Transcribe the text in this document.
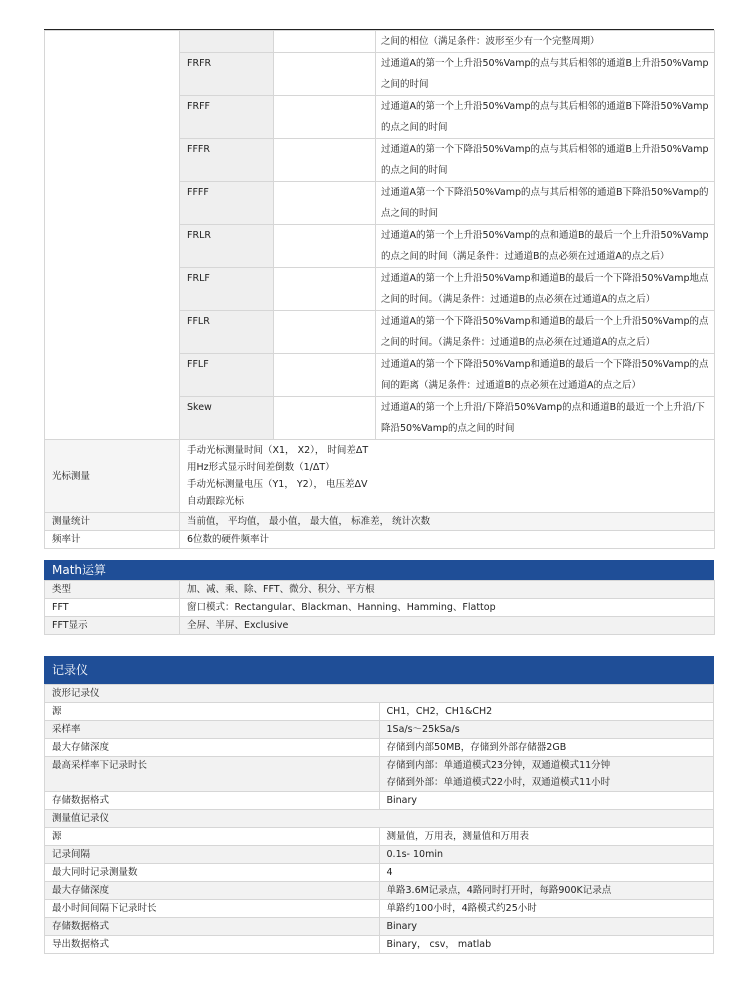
			之间的相位（满足条件：波形至少有一个完整周期）

	FRFR		过通道A的第一个上升沿50%Vamp的点与其后相邻的通道B上升沿50%Vamp
之间的时间

	FRFF		过通道A的第一个上升沿50%Vamp的点与其后相邻的通道B下降沿50%Vamp
的点之间的时间

	FFFR		过通道A的第一个下降沿50%Vamp的点与其后相邻的通道B上升沿50%Vamp
的点之间的时间

	FFFF		过通道A第一个下降沿50%Vamp的点与其后相邻的通道B下降沿50%Vamp的
点之间的时间

	FRLR		过通道A的第一个上升沿50%Vamp的点和通道B的最后一个上升沿50%Vamp
的点之间的时间（满足条件：过通道B的点必须在过通道A的点之后）

	FRLF		过通道A的第一个上升沿50%Vamp和通道B的最后一个下降沿50%Vamp地点
之间的时间。（满足条件：过通道B的点必须在过通道A的点之后）

	FFLR		过通道A的第一个下降沿50%Vamp和通道B的最后一个上升沿50%Vamp的点
之间的时间。（满足条件：过通道B的点必须在过通道A的点之后）

	FFLF		过通道A的第一个下降沿50%Vamp和通道B的最后一个下降沿50%Vamp的点
间的距离（满足条件：过通道B的点必须在过通道A的点之后）

	Skew		过通道A的第一个上升沿/下降沿50%Vamp的点和通道B的最近一个上升沿/下
降沿50%Vamp的点之间的时间

光标测量	手动光标测量时间（X1， X2）， 时间差ΔT
用Hz形式显示时间差倒数（1/ΔT）
手动光标测量电压（Y1， Y2）， 电压差ΔV
自动跟踪光标		

测量统计	当前值， 平均值， 最小值， 最大值， 标准差， 统计次数		
频率计	6位数的硬件频率计		
Math运算
类型	加、减、乘、除、FFT、微分、积分、平方根
FFT	窗口模式：Rectangular、Blackman、Hanning、Hamming、Flattop
FFT显示	全屏、半屏、Exclusive
记录仪
波形记录仪	
源	CH1，CH2，CH1&CH2
采样率	1Sa/s～25kSa/s
最大存储深度	存储到内部50MB，存储到外部存储器2GB
最高采样率下记录时长	存储到内部：单通道模式23分钟，双通道模式11分钟
存储到外部：单通道模式22小时，双通道模式11小时

存储数据格式	Binary
测量值记录仪	
源	测量值，万用表，测量值和万用表
记录间隔	0.1s- 10min
最大同时记录测量数	4
最大存储深度	单路3.6M记录点，4路同时打开时，每路900K记录点
最小时间间隔下记录时长	单路约100小时，4路模式约25小时
存储数据格式	Binary
导出数据格式	Binary， csv， matlab
